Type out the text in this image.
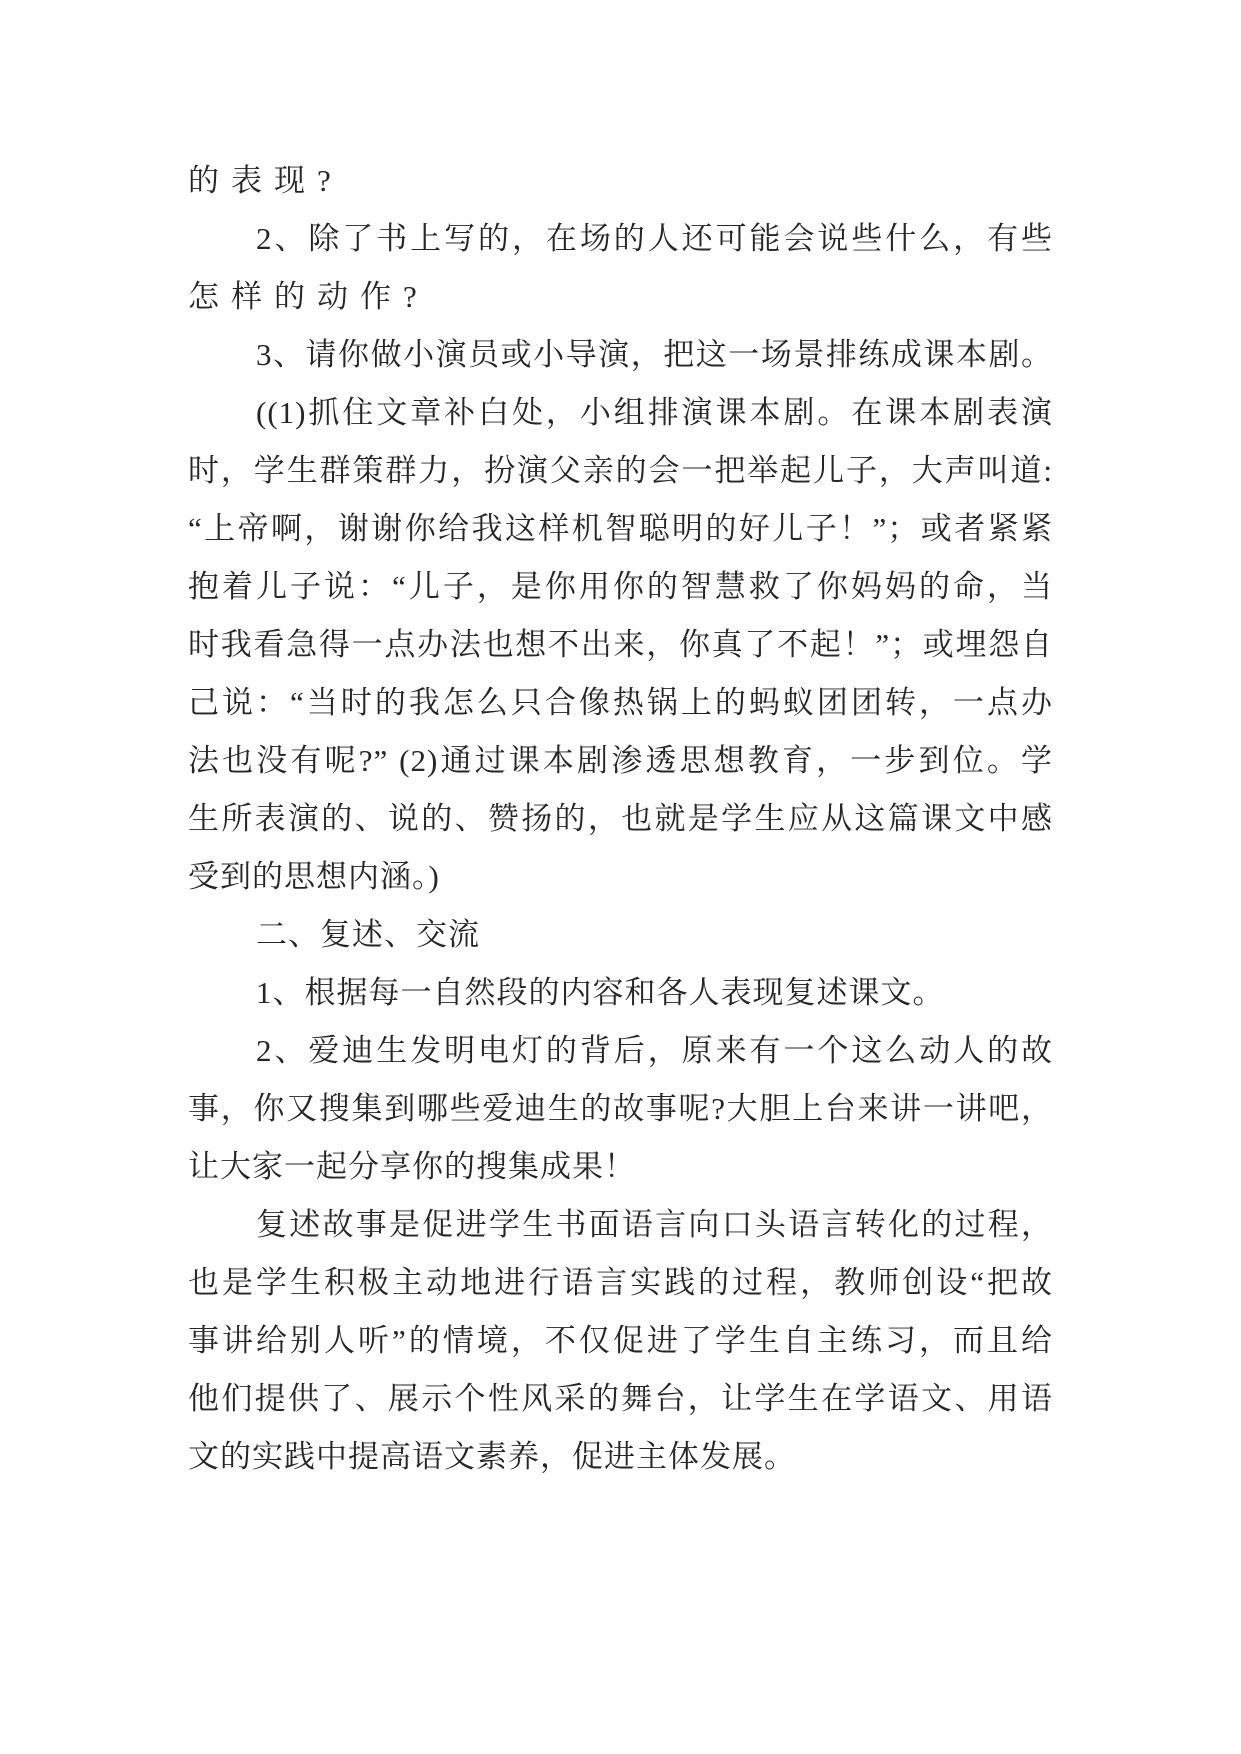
的表现?
2、除了书上写的，在场的人还可能会说些什么，有些
怎样的动作?
3、请你做小演员或小导演，把这一场景排练成课本剧。
((1)抓住文章补白处，小组排演课本剧。在课本剧表演
时，学生群策群力，扮演父亲的会一把举起儿子，大声叫道:
“上帝啊，谢谢你给我这样机智聪明的好儿子！”；或者紧紧
抱着儿子说：“儿子，是你用你的智慧救了你妈妈的命，当
时我看急得一点办法也想不出来，你真了不起！”；或埋怨自
己说：“当时的我怎么只合像热锅上的蚂蚁团团转，一点办
法也没有呢?” (2)通过课本剧渗透思想教育，一步到位。学
生所表演的、说的、赞扬的，也就是学生应从这篇课文中感
受到的思想内涵。)
二、复述、交流
1、根据每一自然段的内容和各人表现复述课文。
2、爱迪生发明电灯的背后，原来有一个这么动人的故
事，你又搜集到哪些爱迪生的故事呢?大胆上台来讲一讲吧，
让大家一起分享你的搜集成果！
复述故事是促进学生书面语言向口头语言转化的过程，
也是学生积极主动地进行语言实践的过程，教师创设“把故
事讲给别人听”的情境，不仅促进了学生自主练习，而且给
他们提供了、展示个性风采的舞台，让学生在学语文、用语
文的实践中提高语文素养，促进主体发展。
